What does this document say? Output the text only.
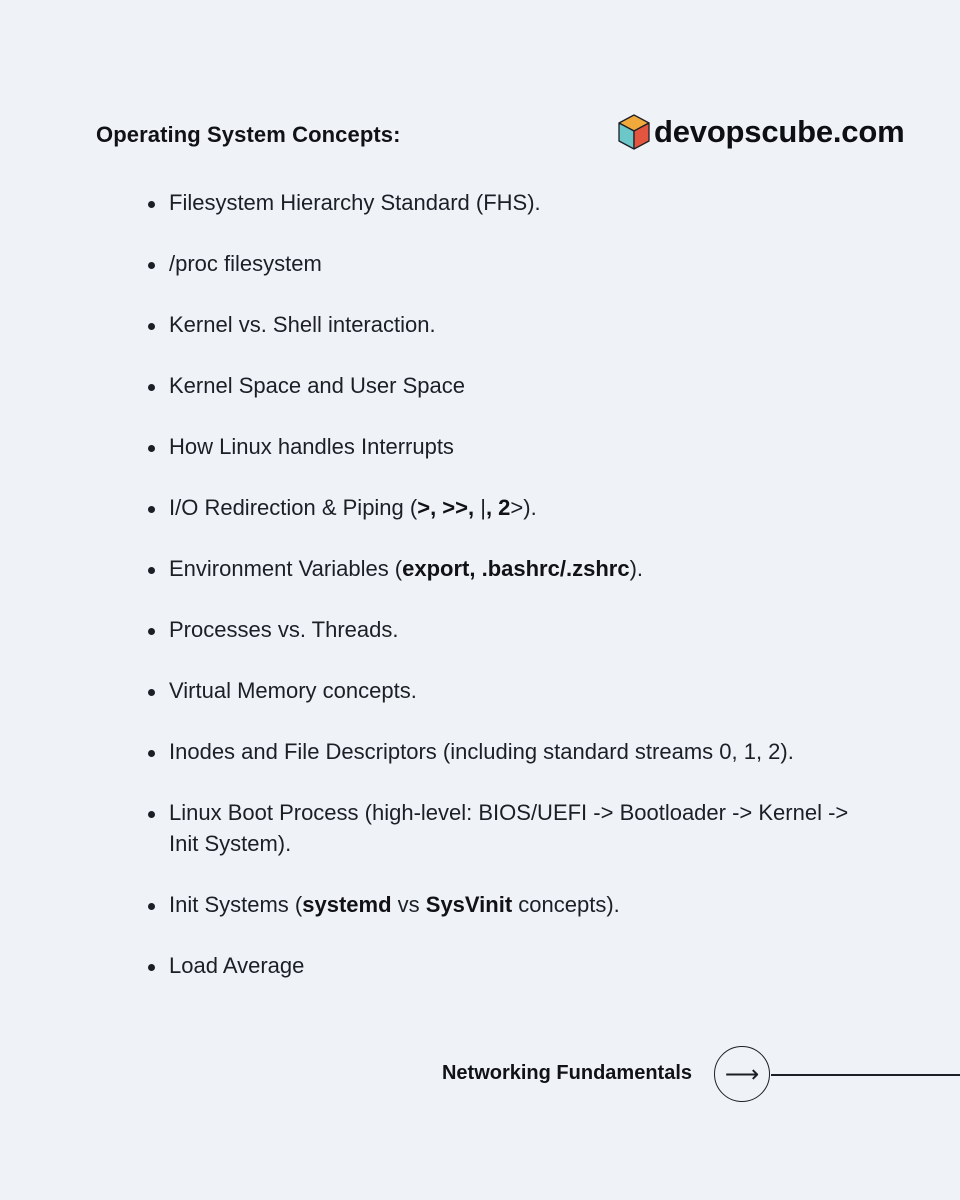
Operating System Concepts:	devopscube.com
Filesystem Hierarchy Standard (FHS).
/proc filesystem
Kernel vs. Shell interaction.
Kernel Space and User Space
How Linux handles Interrupts
I/O Redirection & Piping (>, >>, |, 2>).
Environment Variables (export, .bashrc/.zshrc).
Processes vs. Threads.
Virtual Memory concepts.
Inodes and File Descriptors (including standard streams 0, 1, 2).
Linux Boot Process (high-level: BIOS/UEFI -> Bootloader -> Kernel -> Init System).
Init Systems (systemd vs SysVinit concepts).
Load Average
Networking Fundamentals ⟶
